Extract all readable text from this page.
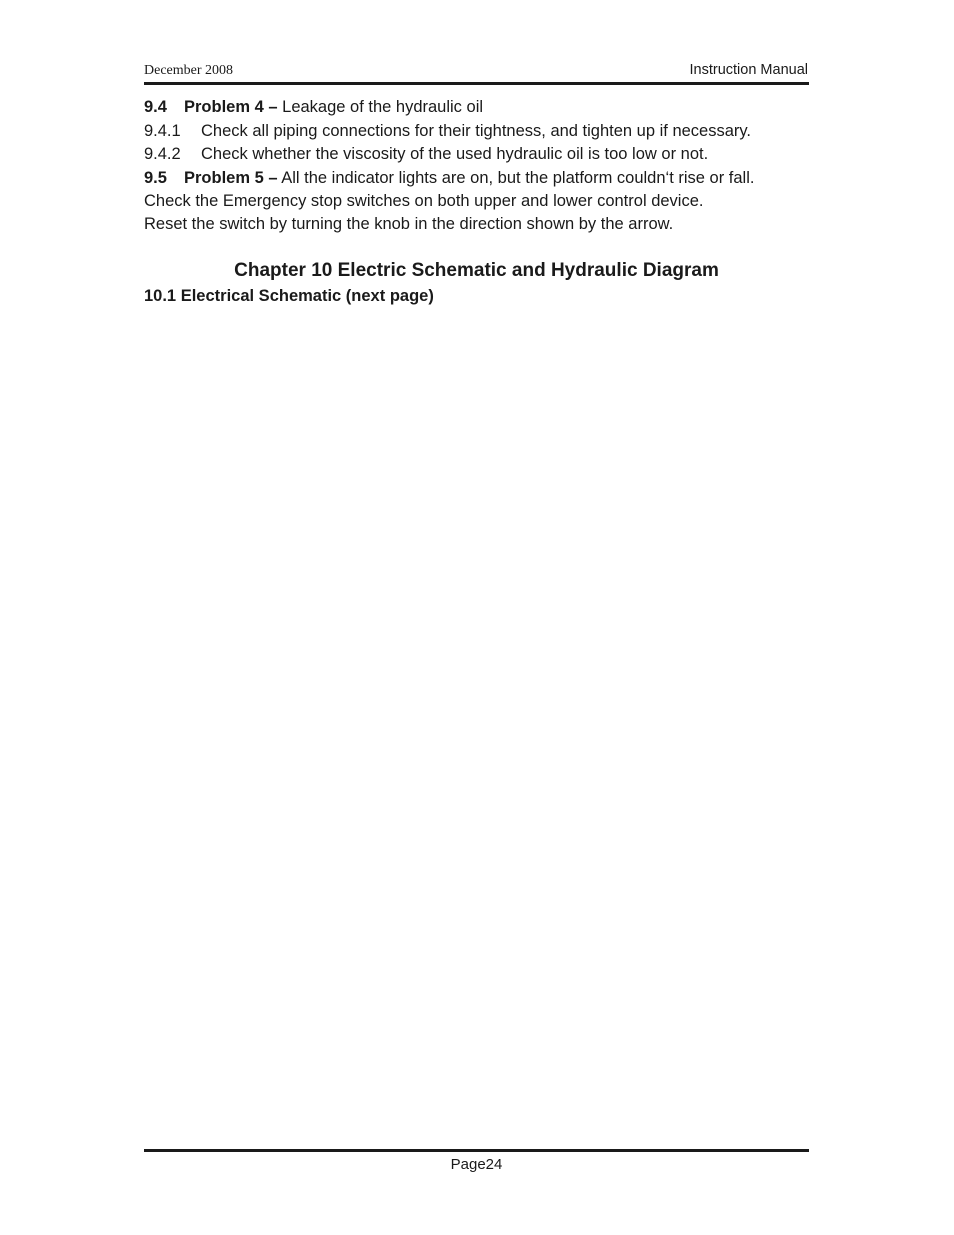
December 2008	Instruction Manual
9.4 Problem 4 – Leakage of the hydraulic oil
9.4.1 Check all piping connections for their tightness, and tighten up if necessary.
9.4.2 Check whether the viscosity of the used hydraulic oil is too low or not.
9.5 Problem 5 – All the indicator lights are on, but the platform couldn‘t rise or fall.
Check the Emergency stop switches on both upper and lower control device.
Reset the switch by turning the knob in the direction shown by the arrow.
Chapter 10 Electric Schematic and Hydraulic Diagram
10.1 Electrical Schematic (next page)
Page24
